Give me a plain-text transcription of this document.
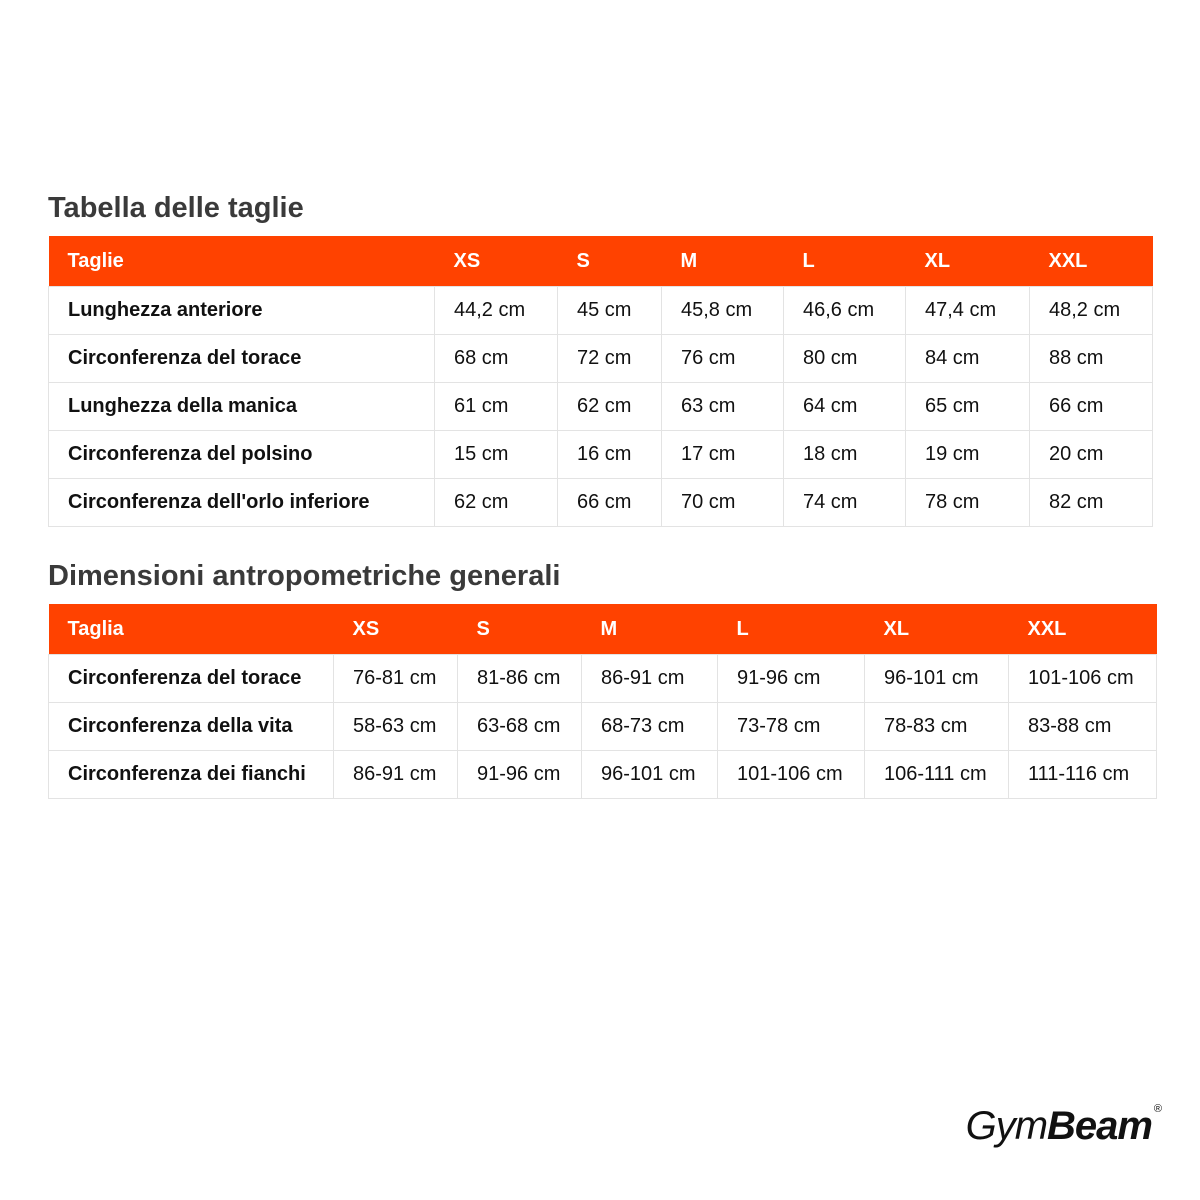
Tabella delle taglie
Taglie	XS	S	M	L	XL	XXL
Lunghezza anteriore	44,2 cm	45 cm	45,8 cm	46,6 cm	47,4 cm	48,2 cm
Circonferenza del torace	68 cm	72 cm	76 cm	80 cm	84 cm	88 cm
Lunghezza della manica	61 cm	62 cm	63 cm	64 cm	65 cm	66 cm
Circonferenza del polsino	15 cm	16 cm	17 cm	18 cm	19 cm	20 cm
Circonferenza dell'orlo inferiore	62 cm	66 cm	70 cm	74 cm	78 cm	82 cm
Dimensioni antropometriche generali
Taglia	XS	S	M	L	XL	XXL
Circonferenza del torace	76-81 cm	81-86 cm	86-91 cm	91-96 cm	96-101 cm	101-106 cm
Circonferenza della vita	58-63 cm	63-68 cm	68-73 cm	73-78 cm	78-83 cm	83-88 cm
Circonferenza dei fianchi	86-91 cm	91-96 cm	96-101 cm	101-106 cm	106-111 cm	111-116 cm
GymBeam ®
